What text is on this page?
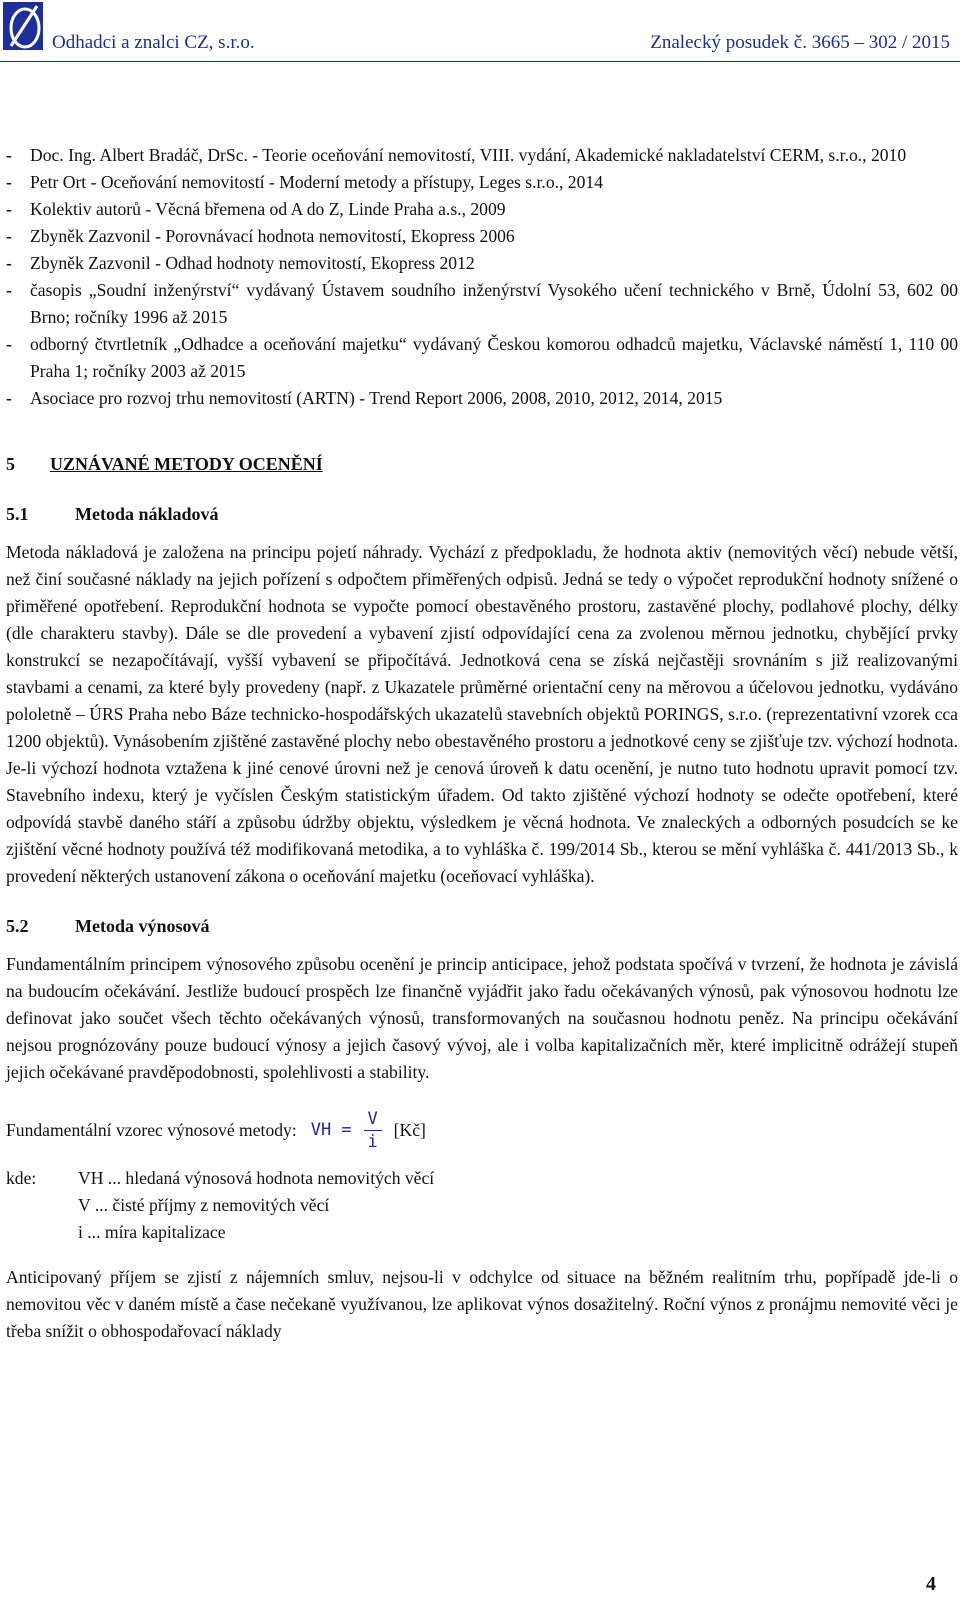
Odhadci a znalci CZ, s.r.o.	Znalecký posudek č. 3665 – 302 / 2015
- Doc. Ing. Albert Bradáč, DrSc. - Teorie oceňování nemovitostí, VIII. vydání, Akademické nakladatelství CERM, s.r.o., 2010
- Petr Ort - Oceňování nemovitostí - Moderní metody a přístupy, Leges s.r.o., 2014
- Kolektiv autorů - Věcná břemena od A do Z, Linde Praha a.s., 2009
- Zbyněk Zazvonil - Porovnávací hodnota nemovitostí, Ekopress 2006
- Zbyněk Zazvonil - Odhad hodnoty nemovitostí, Ekopress 2012
- časopis „Soudní inženýrství“ vydávaný Ústavem soudního inženýrství Vysokého učení technického v Brně, Údolní 53, 602 00 Brno; ročníky 1996 až 2015
- odborný čtvrtletník „Odhadce a oceňování majetku“ vydávaný Českou komorou odhadců majetku, Václavské náměstí 1, 110 00 Praha 1; ročníky 2003 až 2015
- Asociace pro rozvoj trhu nemovitostí (ARTN) - Trend Report 2006, 2008, 2010, 2012, 2014, 2015
5 UZNÁVANÉ METODY OCENĚNÍ
5.1	Metoda nákladová

Metoda nákladová je založena na principu pojetí náhrady. Vychází z předpokladu, že hodnota aktiv (nemovitých věcí) nebude větší, než činí současné náklady na jejich pořízení s odpočtem přiměřených odpisů. Jedná se tedy o výpočet reprodukční hodnoty snížené o přiměřené opotřebení. Reprodukční hodnota se vypočte pomocí obestavěného prostoru, zastavěné plochy, podlahové plochy, délky (dle charakteru stavby). Dále se dle provedení a vybavení zjistí odpovídající cena za zvolenou měrnou jednotku, chybějící prvky konstrukcí se nezapočítávají, vyšší vybavení se připočítává. Jednotková cena se získá nejčastěji srovnáním s již realizovanými stavbami a cenami, za které byly provedeny (např. z Ukazatele průměrné orientační ceny na měrovou a účelovou jednotku, vydáváno pololetně – ÚRS Praha nebo Báze technicko-hospodářských ukazatelů stavebních objektů PORINGS, s.r.o. (reprezentativní vzorek cca 1200 objektů). Vynásobením zjištěné zastavěné plochy nebo obestavěného prostoru a jednotkové ceny se zjišťuje tzv. výchozí hodnota. Je-li výchozí hodnota vztažena k jiné cenové úrovni než je cenová úroveň k datu ocenění, je nutno tuto hodnotu upravit pomocí tzv. Stavebního indexu, který je vyčíslen Českým statistickým úřadem. Od takto zjištěné výchozí hodnoty se odečte opotřebení, které odpovídá stavbě daného stáří a způsobu údržby objektu, výsledkem je věcná hodnota. Ve znaleckých a odborných posudcích se ke zjištění věcné hodnoty používá též modifikovaná metodika, a to vyhláška č. 199/2014 Sb., kterou se mění vyhláška č. 441/2013 Sb., k provedení některých ustanovení zákona o oceňování majetku (oceňovací vyhláška).

5.2	Metoda výnosová

Fundamentálním principem výnosového způsobu ocenění je princip anticipace, jehož podstata spočívá v tvrzení, že hodnota je závislá na budoucím očekávání. Jestliže budoucí prospěch lze finančně vyjádřit jako řadu očekávaných výnosů, pak výnosovou hodnotu lze definovat jako součet všech těchto očekávaných výnosů, transformovaných na současnou hodnotu peněz. Na principu očekávání nejsou prognózovány pouze budoucí výnosy a jejich časový vývoj, ale i volba kapitalizačních měr, které implicitně odrážejí stupeň jejich očekávané pravděpodobnosti, spolehlivosti a stability.

Fundamentální vzorec výnosové metody: VH = $\frac{V}{i}$ [Kč]
kde:	VH ... hledaná výnosová hodnota nemovitých věcí
V ... čisté příjmy z nemovitých věcí
i ... míra kapitalizace

Anticipovaný příjem se zjistí z nájemních smluv, nejsou-li v odchylce od situace na běžném realitním trhu, popřípadě jde-li o nemovitou věc v daném místě a čase nečekaně využívanou, lze aplikovat výnos dosažitelný. Roční výnos z pronájmu nemovité věci je třeba snížit o obhospodařovací náklady

4
